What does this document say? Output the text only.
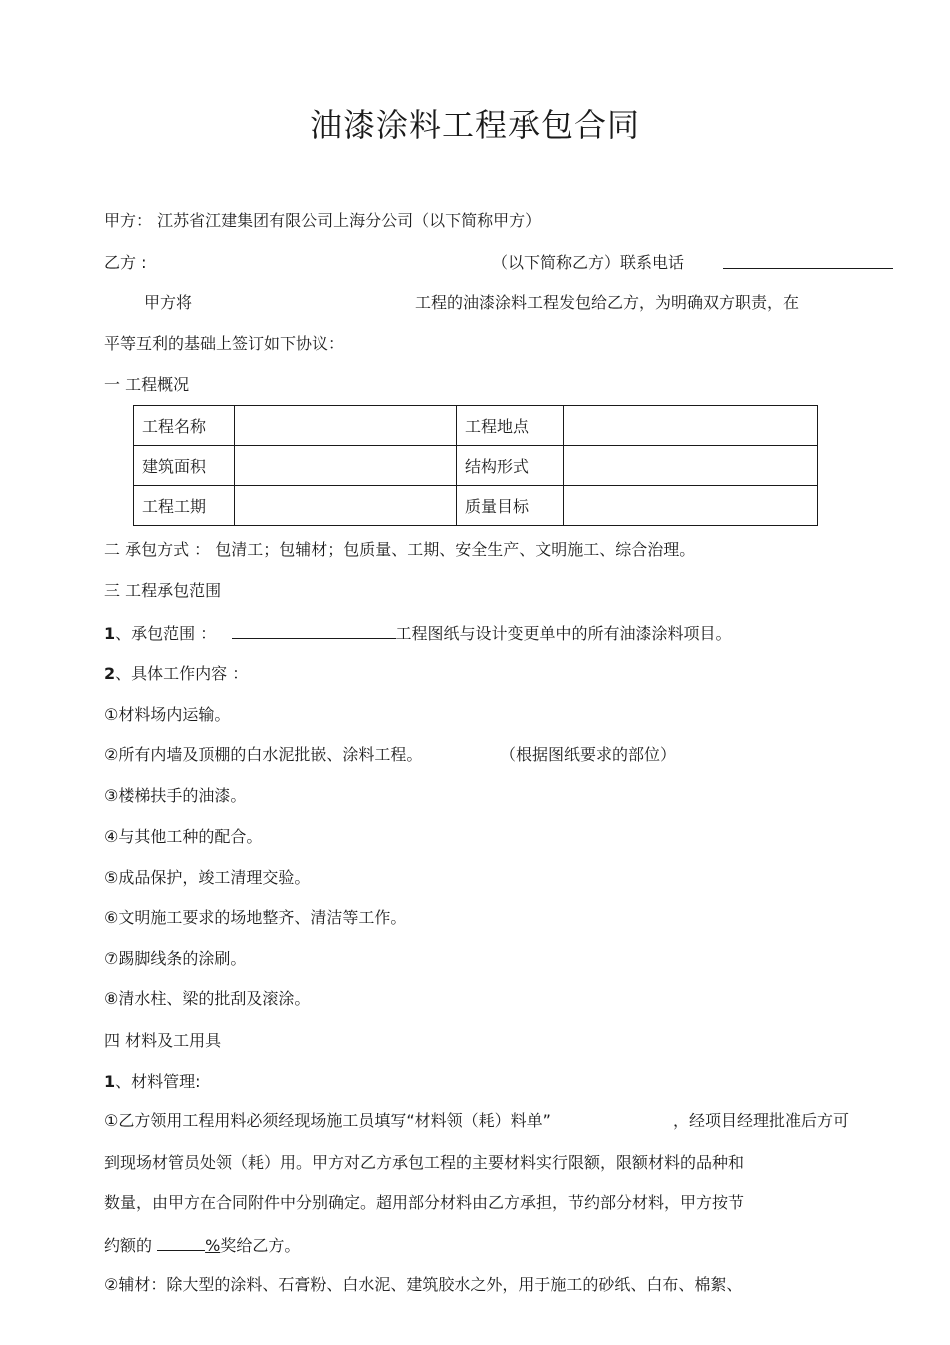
油漆涂料工程承包合同
甲方： 江苏省江建集团有限公司上海分公司（以下简称甲方）
乙方 :	（以下简称乙方）联系电话
甲方将	工程的油漆涂料工程发包给乙方，为明确双方职责，在
平等互利的基础上签订如下协议：
一 工程概况
工程名称		工程地点	
建筑面积		结构形式	
工程工期		质量目标	
二 承包方式 ： 包清工；包辅材；包质量、工期、安全生产、文明施工、综合治理。
三 工程承包范围
1、承包范围 ：	工程图纸与设计变更单中的所有油漆涂料项目。
2、具体工作内容 ：
①材料场内运输。
②所有内墙及顶棚的白水泥批嵌、涂料工程。	（根据图纸要求的部位）
③楼梯扶手的油漆。
④与其他工种的配合。
⑤成品保护，竣工清理交验。
⑥文明施工要求的场地整齐、清洁等工作。
⑦踢脚线条的涂刷。
⑧清水柱、梁的批刮及滚涂。
四 材料及工用具
1、材料管理:
①乙方领用工程用料必须经现场施工员填写“材料领（耗）料单”	，经项目经理批准后方可
到现场材管员处领（耗）用。甲方对乙方承包工程的主要材料实行限额，限额材料的品种和
数量，由甲方在合同附件中分别确定。超用部分材料由乙方承担，节约部分材料，甲方按节
约额的	%奖给乙方。
②辅材：除大型的涂料、石膏粉、白水泥、建筑胶水之外，用于施工的砂纸、白布、棉絮、
